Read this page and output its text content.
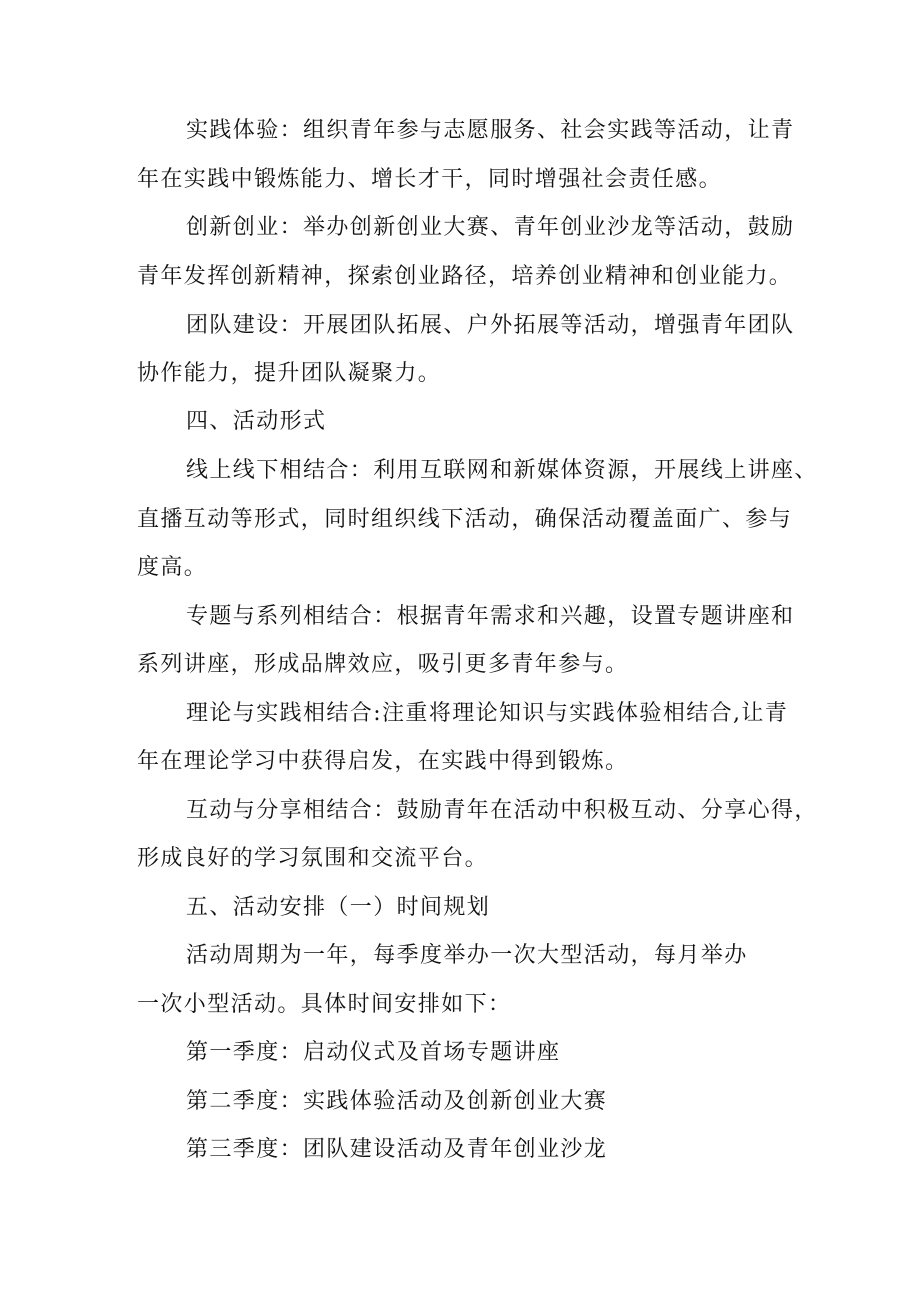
实践体验：组织青年参与志愿服务、社会实践等活动，让青
年在实践中锻炼能力、增长才干，同时增强社会责任感。
创新创业：举办创新创业大赛、青年创业沙龙等活动，鼓励
青年发挥创新精神，探索创业路径，培养创业精神和创业能力。
团队建设：开展团队拓展、户外拓展等活动，增强青年团队
协作能力，提升团队凝聚力。
四、活动形式
线上线下相结合：利用互联网和新媒体资源，开展线上讲座、
直播互动等形式，同时组织线下活动，确保活动覆盖面广、参与
度高。
专题与系列相结合：根据青年需求和兴趣，设置专题讲座和
系列讲座，形成品牌效应，吸引更多青年参与。
理论与实践相结合:注重将理论知识与实践体验相结合,让青
年在理论学习中获得启发，在实践中得到锻炼。
互动与分享相结合：鼓励青年在活动中积极互动、分享心得，
形成良好的学习氛围和交流平台。
五、活动安排（一）时间规划
活动周期为一年，每季度举办一次大型活动，每月举办
一次小型活动。具体时间安排如下：
第一季度：启动仪式及首场专题讲座
第二季度：实践体验活动及创新创业大赛
第三季度：团队建设活动及青年创业沙龙
